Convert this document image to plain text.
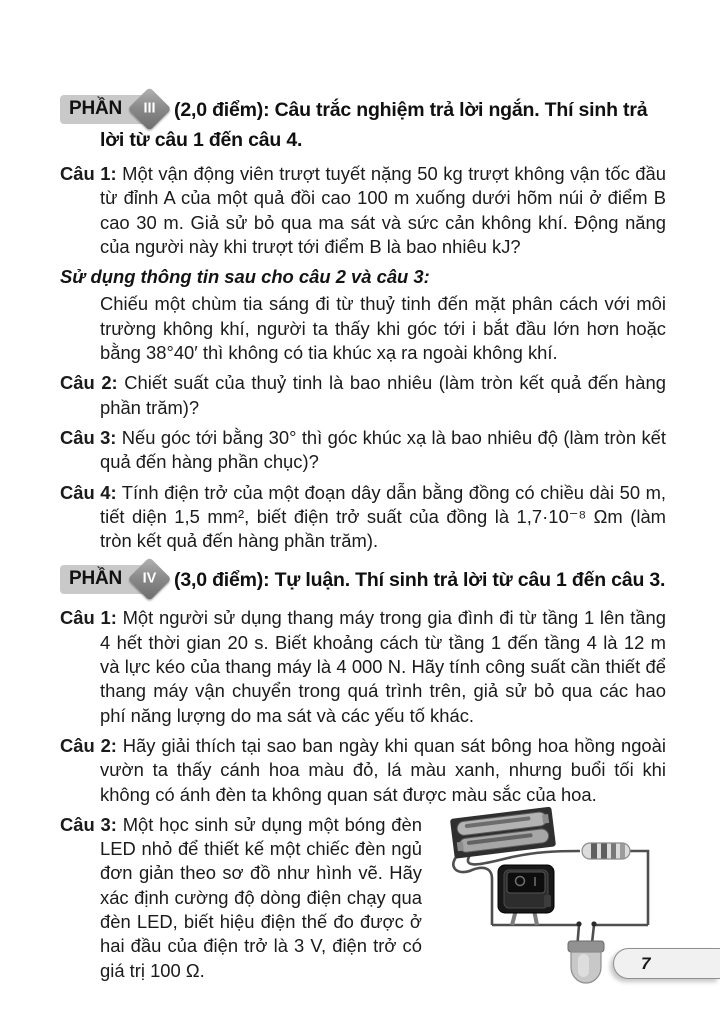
PHẦN	III (2,0 điểm): Câu trắc nghiệm trả lời ngắn. Thí sinh trả lời từ câu 1 đến câu 4.
Câu 1: Một vận động viên trượt tuyết nặng 50 kg trượt không vận tốc đầu từ đỉnh A của một quả đồi cao 100 m xuống dưới hõm núi ở điểm B cao 30 m. Giả sử bỏ qua ma sát và sức cản không khí. Động năng của người này khi trượt tới điểm B là bao nhiêu kJ?
Sử dụng thông tin sau cho câu 2 và câu 3:
Chiếu một chùm tia sáng đi từ thuỷ tinh đến mặt phân cách với môi trường không khí, người ta thấy khi góc tới i bắt đầu lớn hơn hoặc bằng 38°40′ thì không có tia khúc xạ ra ngoài không khí.
Câu 2: Chiết suất của thuỷ tinh là bao nhiêu (làm tròn kết quả đến hàng phần trăm)?
Câu 3: Nếu góc tới bằng 30° thì góc khúc xạ là bao nhiêu độ (làm tròn kết quả đến hàng phần chục)?
Câu 4: Tính điện trở của một đoạn dây dẫn bằng đồng có chiều dài 50 m, tiết diện 1,5 mm², biết điện trở suất của đồng là 1,7·10⁻⁸ Ωm (làm tròn kết quả đến hàng phần trăm).
PHẦN	IV (3,0 điểm): Tự luận. Thí sinh trả lời từ câu 1 đến câu 3.
Câu 1: Một người sử dụng thang máy trong gia đình đi từ tầng 1 lên tầng 4 hết thời gian 20 s. Biết khoảng cách từ tầng 1 đến tầng 4 là 12 m và lực kéo của thang máy là 4 000 N. Hãy tính công suất cần thiết để thang máy vận chuyển trong quá trình trên, giả sử bỏ qua các hao phí năng lượng do ma sát và các yếu tố khác.
Câu 2: Hãy giải thích tại sao ban ngày khi quan sát bông hoa hồng ngoài vườn ta thấy cánh hoa màu đỏ, lá màu xanh, nhưng buổi tối khi không có ánh đèn ta không quan sát được màu sắc của hoa.
Câu 3: Một học sinh sử dụng một bóng đèn LED nhỏ để thiết kế một chiếc đèn ngủ đơn giản theo sơ đồ như hình vẽ. Hãy xác định cường độ dòng điện chạy qua đèn LED, biết hiệu điện thế đo được ở hai đầu của điện trở là 3 V, điện trở có giá trị 100 Ω.	7
